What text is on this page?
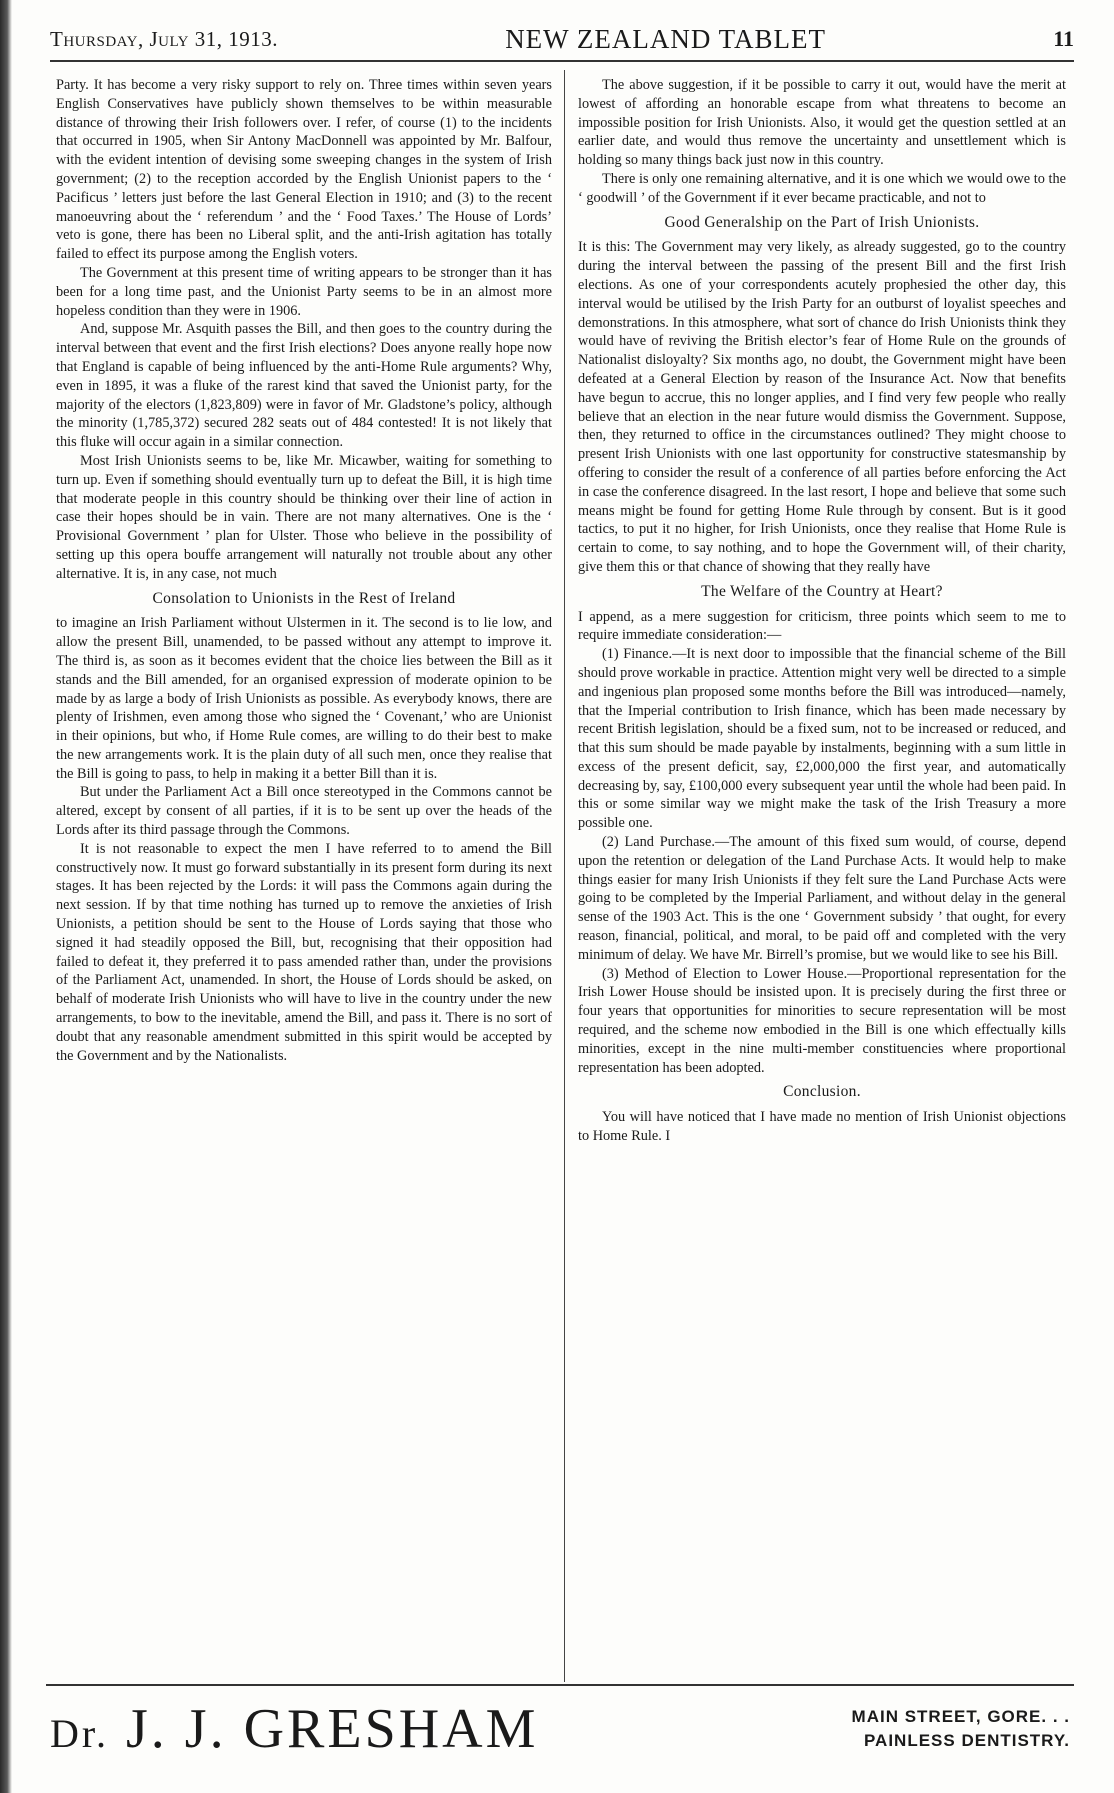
Thursday, July 31, 1913.	NEW ZEALAND TABLET	11

Party. It has become a very risky support to rely on. Three times within seven years English Conservatives have publicly shown themselves to be within measurable distance of throwing their Irish followers over. I refer, of course (1) to the incidents that occurred in 1905, when Sir Antony MacDonnell was appointed by Mr. Balfour, with the evident intention of devising some sweeping changes in the system of Irish government; (2) to the reception accorded by the English Unionist papers to the ‘ Pacificus ’ letters just before the last General Election in 1910; and (3) to the recent manoeuvring about the ‘ referendum ’ and the ‘ Food Taxes.’ The House of Lords’ veto is gone, there has been no Liberal split, and the anti-Irish agitation has totally failed to effect its purpose among the English voters.

The Government at this present time of writing appears to be stronger than it has been for a long time past, and the Unionist Party seems to be in an almost more hopeless condition than they were in 1906.

And, suppose Mr. Asquith passes the Bill, and then goes to the country during the interval between that event and the first Irish elections? Does anyone really hope now that England is capable of being influenced by the anti-Home Rule arguments? Why, even in 1895, it was a fluke of the rarest kind that saved the Unionist party, for the majority of the electors (1,823,809) were in favor of Mr. Gladstone’s policy, although the minority (1,785,372) secured 282 seats out of 484 contested! It is not likely that this fluke will occur again in a similar connection.

Most Irish Unionists seems to be, like Mr. Micawber, waiting for something to turn up. Even if something should eventually turn up to defeat the Bill, it is high time that moderate people in this country should be thinking over their line of action in case their hopes should be in vain. There are not many alternatives. One is the ‘ Provisional Government ’ plan for Ulster. Those who believe in the possibility of setting up this opera bouffe arrangement will naturally not trouble about any other alternative. It is, in any case, not much

Consolation to Unionists in the Rest of Ireland

to imagine an Irish Parliament without Ulstermen in it. The second is to lie low, and allow the present Bill, unamended, to be passed without any attempt to improve it. The third is, as soon as it becomes evident that the choice lies between the Bill as it stands and the Bill amended, for an organised expression of moderate opinion to be made by as large a body of Irish Unionists as possible. As everybody knows, there are plenty of Irishmen, even among those who signed the ‘ Covenant,’ who are Unionist in their opinions, but who, if Home Rule comes, are willing to do their best to make the new arrangements work. It is the plain duty of all such men, once they realise that the Bill is going to pass, to help in making it a better Bill than it is.

But under the Parliament Act a Bill once stereotyped in the Commons cannot be altered, except by consent of all parties, if it is to be sent up over the heads of the Lords after its third passage through the Commons.

It is not reasonable to expect the men I have referred to to amend the Bill constructively now. It must go forward substantially in its present form during its next stages. It has been rejected by the Lords: it will pass the Commons again during the next session. If by that time nothing has turned up to remove the anxieties of Irish Unionists, a petition should be sent to the House of Lords saying that those who signed it had steadily opposed the Bill, but, recognising that their opposition had failed to defeat it, they preferred it to pass amended rather than, under the provisions of the Parliament Act, unamended. In short, the House of Lords should be asked, on behalf of moderate Irish Unionists who will have to live in the country under the new arrangements, to bow to the inevitable, amend the Bill, and pass it. There is no sort of doubt that any reasonable amendment submitted in this spirit would be accepted by the Government and by the Nationalists.

The above suggestion, if it be possible to carry it out, would have the merit at lowest of affording an honorable escape from what threatens to become an impossible position for Irish Unionists. Also, it would get the question settled at an earlier date, and would thus remove the uncertainty and unsettlement which is holding so many things back just now in this country.

There is only one remaining alternative, and it is one which we would owe to the ‘ goodwill ’ of the Government if it ever became practicable, and not to

Good Generalship on the Part of Irish Unionists.

It is this: The Government may very likely, as already suggested, go to the country during the interval between the passing of the present Bill and the first Irish elections. As one of your correspondents acutely prophesied the other day, this interval would be utilised by the Irish Party for an outburst of loyalist speeches and demonstrations. In this atmosphere, what sort of chance do Irish Unionists think they would have of reviving the British elector’s fear of Home Rule on the grounds of Nationalist disloyalty? Six months ago, no doubt, the Government might have been defeated at a General Election by reason of the Insurance Act. Now that benefits have begun to accrue, this no longer applies, and I find very few people who really believe that an election in the near future would dismiss the Government. Suppose, then, they returned to office in the circumstances outlined? They might choose to present Irish Unionists with one last opportunity for constructive statesmanship by offering to consider the result of a conference of all parties before enforcing the Act in case the conference disagreed. In the last resort, I hope and believe that some such means might be found for getting Home Rule through by consent. But is it good tactics, to put it no higher, for Irish Unionists, once they realise that Home Rule is certain to come, to say nothing, and to hope the Government will, of their charity, give them this or that chance of showing that they really have

The Welfare of the Country at Heart?

I append, as a mere suggestion for criticism, three points which seem to me to require immediate consideration:—

(1) Finance.—It is next door to impossible that the financial scheme of the Bill should prove workable in practice. Attention might very well be directed to a simple and ingenious plan proposed some months before the Bill was introduced—namely, that the Imperial contribution to Irish finance, which has been made necessary by recent British legislation, should be a fixed sum, not to be increased or reduced, and that this sum should be made payable by instalments, beginning with a sum little in excess of the present deficit, say, £2,000,000 the first year, and automatically decreasing by, say, £100,000 every subsequent year until the whole had been paid. In this or some similar way we might make the task of the Irish Treasury a more possible one.

(2) Land Purchase.—The amount of this fixed sum would, of course, depend upon the retention or delegation of the Land Purchase Acts. It would help to make things easier for many Irish Unionists if they felt sure the Land Purchase Acts were going to be completed by the Imperial Parliament, and without delay in the general sense of the 1903 Act. This is the one ‘ Government subsidy ’ that ought, for every reason, financial, political, and moral, to be paid off and completed with the very minimum of delay. We have Mr. Birrell’s promise, but we would like to see his Bill.

(3) Method of Election to Lower House.—Proportional representation for the Irish Lower House should be insisted upon. It is precisely during the first three or four years that opportunities for minorities to secure representation will be most required, and the scheme now embodied in the Bill is one which effectually kills minorities, except in the nine multi-member constituencies where proportional representation has been adopted.

Conclusion.

You will have noticed that I have made no mention of Irish Unionist objections to Home Rule. I

Dr. J. J. GRESHAM	MAIN STREET, GORE. . .
PAINLESS DENTISTRY.
